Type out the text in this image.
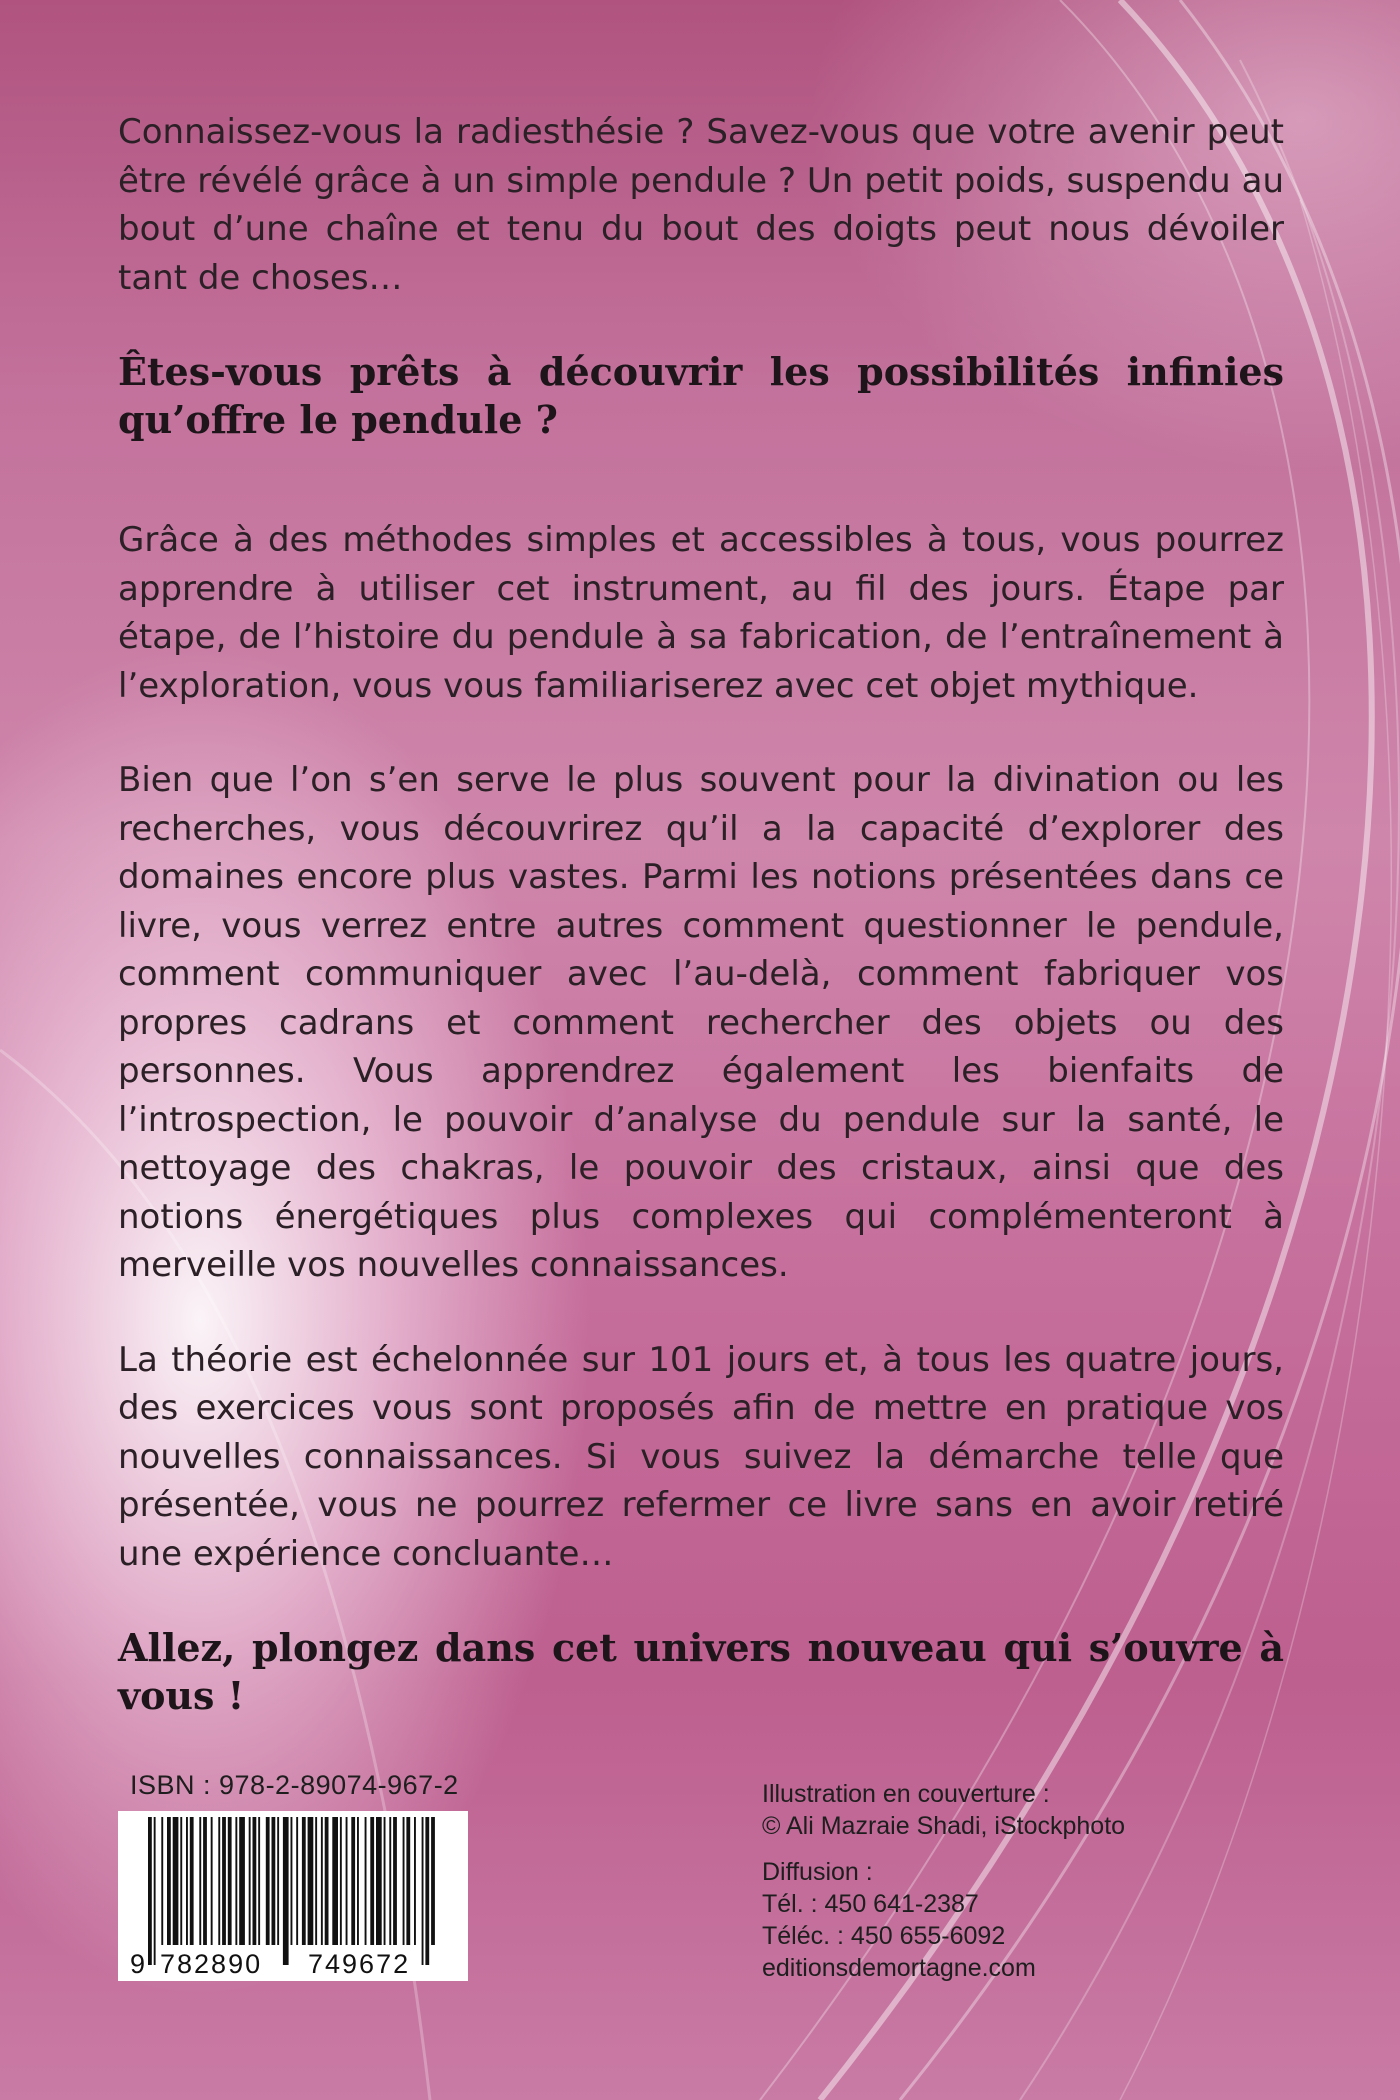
Connaissez-vous la radiesthésie ? Savez-vous que votre avenir peut être révélé grâce à un simple pendule ? Un petit poids, suspendu au bout d’une chaîne et tenu du bout des doigts peut nous dévoiler tant de choses…

Êtes-vous prêts à découvrir les possibilités infinies qu’offre le pendule ?

Grâce à des méthodes simples et accessibles à tous, vous pourrez apprendre à utiliser cet instrument, au fil des jours. Étape par étape, de l’histoire du pendule à sa fabrication, de l’entraînement à l’exploration, vous vous familiariserez avec cet objet mythique.

Bien que l’on s’en serve le plus souvent pour la divination ou les recherches, vous découvrirez qu’il a la capacité d’explorer des domaines encore plus vastes. Parmi les notions présentées dans ce livre, vous verrez entre autres comment questionner le pendule, comment communiquer avec l’au-delà, comment fabriquer vos propres cadrans et comment rechercher des objets ou des personnes. Vous apprendrez également les bienfaits de l’introspection, le pouvoir d’analyse du pendule sur la santé, le nettoyage des chakras, le pouvoir des cristaux, ainsi que des notions énergétiques plus complexes qui complémenteront à merveille vos nouvelles connaissances.

La théorie est échelonnée sur 101 jours et, à tous les quatre jours, des exercices vous sont proposés afin de mettre en pratique vos nouvelles connaissances. Si vous suivez la démarche telle que présentée, vous ne pourrez refermer ce livre sans en avoir retiré une expérience concluante…

Allez, plongez dans cet univers nouveau qui s’ouvre à vous !

ISBN : 978-2-89074-967-2
9 782890 749672
Illustration en couverture :
© Ali Mazraie Shadi, iStockphoto
Diffusion :
Tél. : 450 641-2387
Téléc. : 450 655-6092
editionsdemortagne.com
